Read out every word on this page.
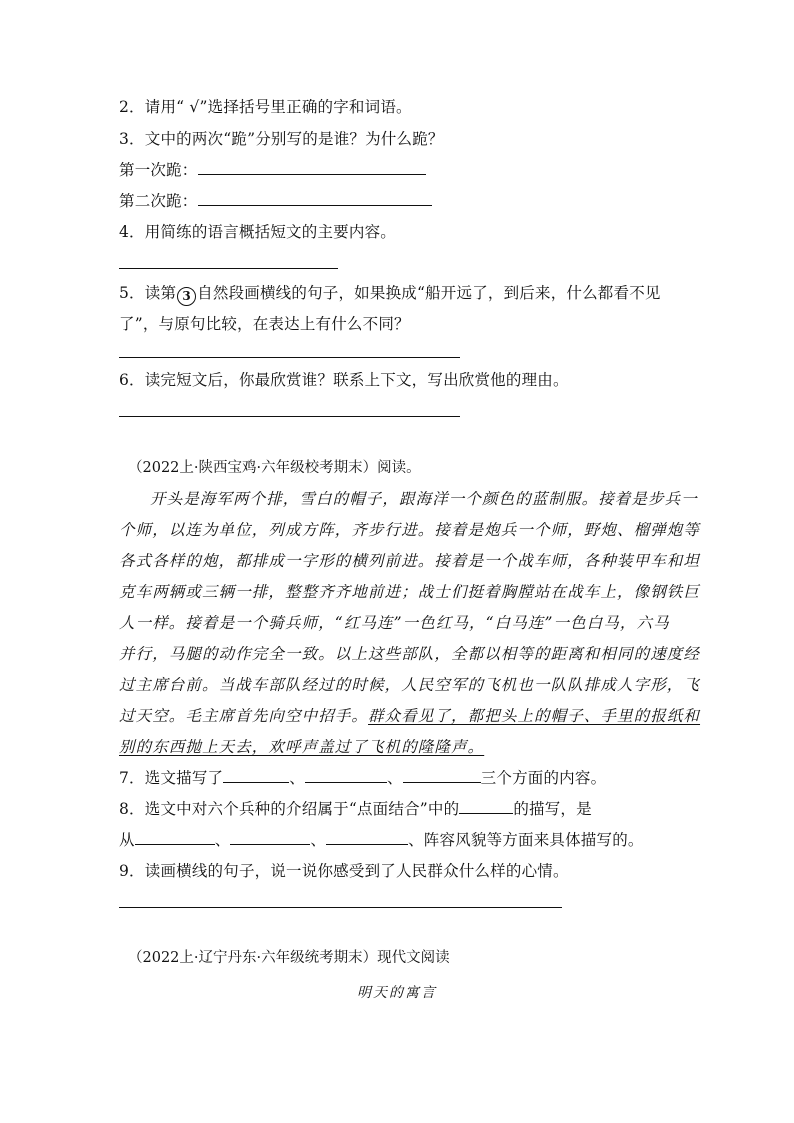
2．请用“ √”选择括号里正确的字和词语。
3．文中的两次“跪”分别写的是谁？为什么跪？
第一次跪：
第二次跪：
4．用简练的语言概括短文的主要内容。
5．读第 3 自然段画横线的句子，如果换成“船开远了，到后来，什么都看不见
了”，与原句比较，在表达上有什么不同？
6．读完短文后，你最欣赏谁？联系上下文，写出欣赏他的理由。
（2022上·陕西宝鸡·六年级校考期末）阅读。
开头是海军两个排，雪白的帽子，跟海洋一个颜色的蓝制服。接着是步兵一
个师，以连为单位，列成方阵，齐步行进。接着是炮兵一个师，野炮、榴弹炮等
各式各样的炮，都排成一字形的横列前进。接着是一个战车师，各种装甲车和坦
克车两辆或三辆一排，整整齐齐地前进；战士们挺着胸膛站在战车上，像钢铁巨
人一样。接着是一个骑兵师，“红马连”一色红马，“白马连”一色白马，六马
并行，马腿的动作完全一致。以上这些部队，全都以相等的距离和相同的速度经
过主席台前。当战车部队经过的时候，人民空军的飞机也一队队排成人字形，飞
过天空。毛主席首先向空中招手。群众看见了，都把头上的帽子、手里的报纸和
别的东西抛上天去，欢呼声盖过了飞机的隆隆声。
7．选文描写了	、	、	三个方面的内容。
8．选文中对六个兵种的介绍属于“点面结合”中的	的描写，是
从	、	、	、阵容风貌等方面来具体描写的。
9．读画横线的句子，说一说你感受到了人民群众什么样的心情。
（2022上·辽宁丹东·六年级统考期末）现代文阅读
明天的寓言
